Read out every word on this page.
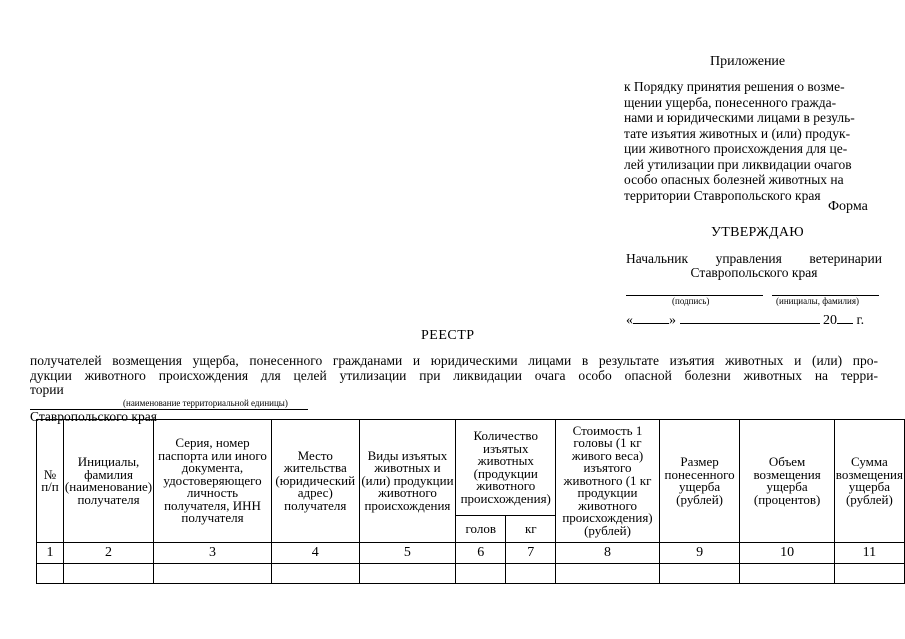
Приложение
к Порядку принятия решения о возме-
щении ущерба, понесенного гражда-
нами и юридическими лицами в резуль-
тате изъятия животных и (или) продук-
ции животного происхождения для це-
лей утилизации при ликвидации очагов
особо опасных болезней животных на
территории Ставропольского края
Форма
УТВЕРЖДАЮ
Начальник управления ветеринарии
Ставропольского края
(подпись)	(инициалы, фамилия)
«	»	20 г.
РЕЕСТР
получателей возмещения ущерба, понесенного гражданами и юридическими лицами в результате изъятия животных и (или) про-
дукции животного происхождения для целей утилизации при ликвидации очага особо опасной болезни животных на терри-
тории
Ставропольского края
(наименование территориальной единицы)
№ п/п	Инициалы, фамилия (наименование) получателя	Серия, номер паспорта или иного документа, удостоверяющего личность получателя, ИНН получателя	Место жительства (юридический адрес) получателя	Виды изъятых животных и (или) продукции животного происхождения	Количество изъятых животных (продукции животного происхождения)		Стоимость 1 головы (1 кг живого веса) изъятого животного (1 кг продукции животного происхождения) (рублей)	Размер понесенного ущерба (рублей)	Объем возмещения ущерба (процентов)	Сумма возмещения ущерба (рублей)
					голов	кг				
1	2	3	4	5	6	7	8	9	10	11
